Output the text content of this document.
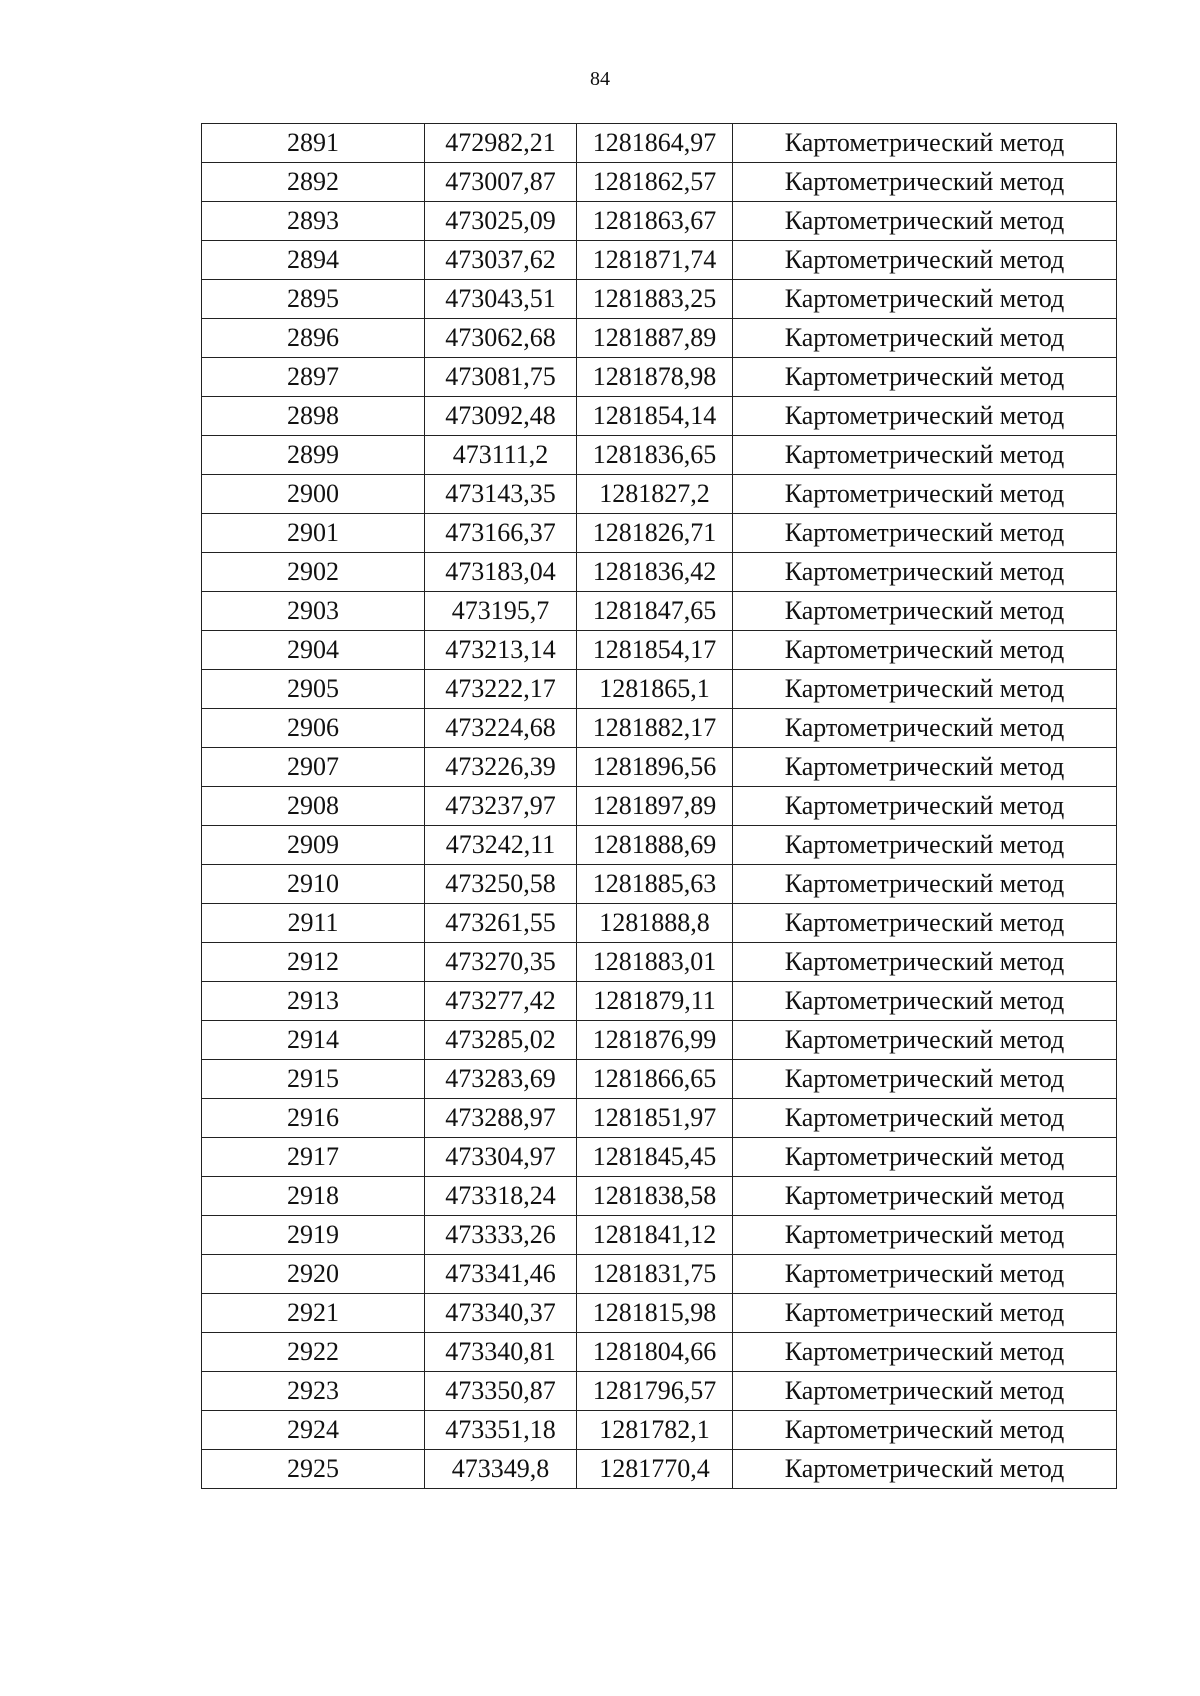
84
2891	472982,21	1281864,97	Картометрический метод
2892	473007,87	1281862,57	Картометрический метод
2893	473025,09	1281863,67	Картометрический метод
2894	473037,62	1281871,74	Картометрический метод
2895	473043,51	1281883,25	Картометрический метод
2896	473062,68	1281887,89	Картометрический метод
2897	473081,75	1281878,98	Картометрический метод
2898	473092,48	1281854,14	Картометрический метод
2899	473111,2	1281836,65	Картометрический метод
2900	473143,35	1281827,2	Картометрический метод
2901	473166,37	1281826,71	Картометрический метод
2902	473183,04	1281836,42	Картометрический метод
2903	473195,7	1281847,65	Картометрический метод
2904	473213,14	1281854,17	Картометрический метод
2905	473222,17	1281865,1	Картометрический метод
2906	473224,68	1281882,17	Картометрический метод
2907	473226,39	1281896,56	Картометрический метод
2908	473237,97	1281897,89	Картометрический метод
2909	473242,11	1281888,69	Картометрический метод
2910	473250,58	1281885,63	Картометрический метод
2911	473261,55	1281888,8	Картометрический метод
2912	473270,35	1281883,01	Картометрический метод
2913	473277,42	1281879,11	Картометрический метод
2914	473285,02	1281876,99	Картометрический метод
2915	473283,69	1281866,65	Картометрический метод
2916	473288,97	1281851,97	Картометрический метод
2917	473304,97	1281845,45	Картометрический метод
2918	473318,24	1281838,58	Картометрический метод
2919	473333,26	1281841,12	Картометрический метод
2920	473341,46	1281831,75	Картометрический метод
2921	473340,37	1281815,98	Картометрический метод
2922	473340,81	1281804,66	Картометрический метод
2923	473350,87	1281796,57	Картометрический метод
2924	473351,18	1281782,1	Картометрический метод
2925	473349,8	1281770,4	Картометрический метод
